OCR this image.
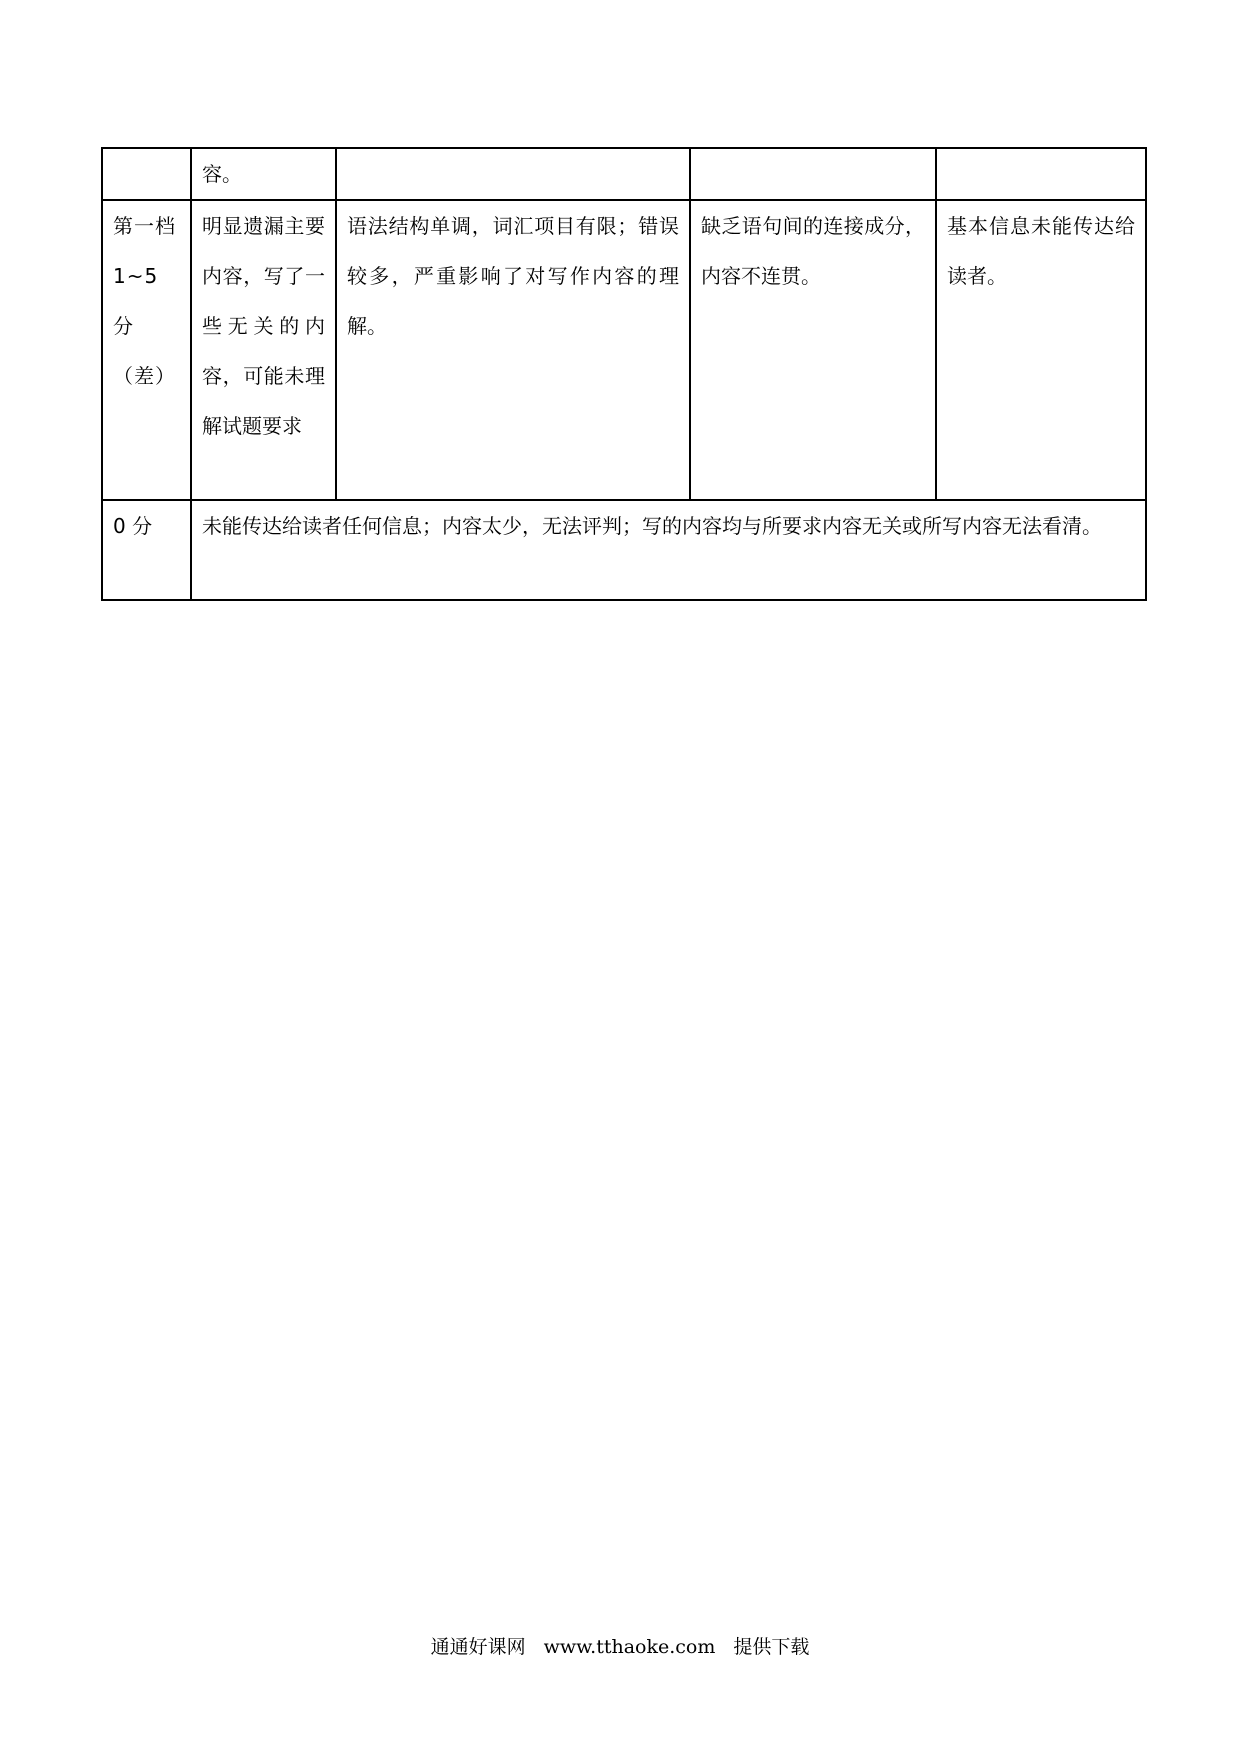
	容。			

第一档
1~5 分
（差）	明显遗漏主要内容，写了一些无关的内容，可能未理解试题要求	语法结构单调，词汇项目有限；错误较多，严重影响了对写作内容的理解。	缺乏语句间的连接成分，内容不连贯。	基本信息未能传达给读者。
0 分	未能传达给读者任何信息；内容太少，无法评判；写的内容均与所要求内容无关或所写内容无法看清。			
通通好课网 www.tthaoke.com 提供下载
